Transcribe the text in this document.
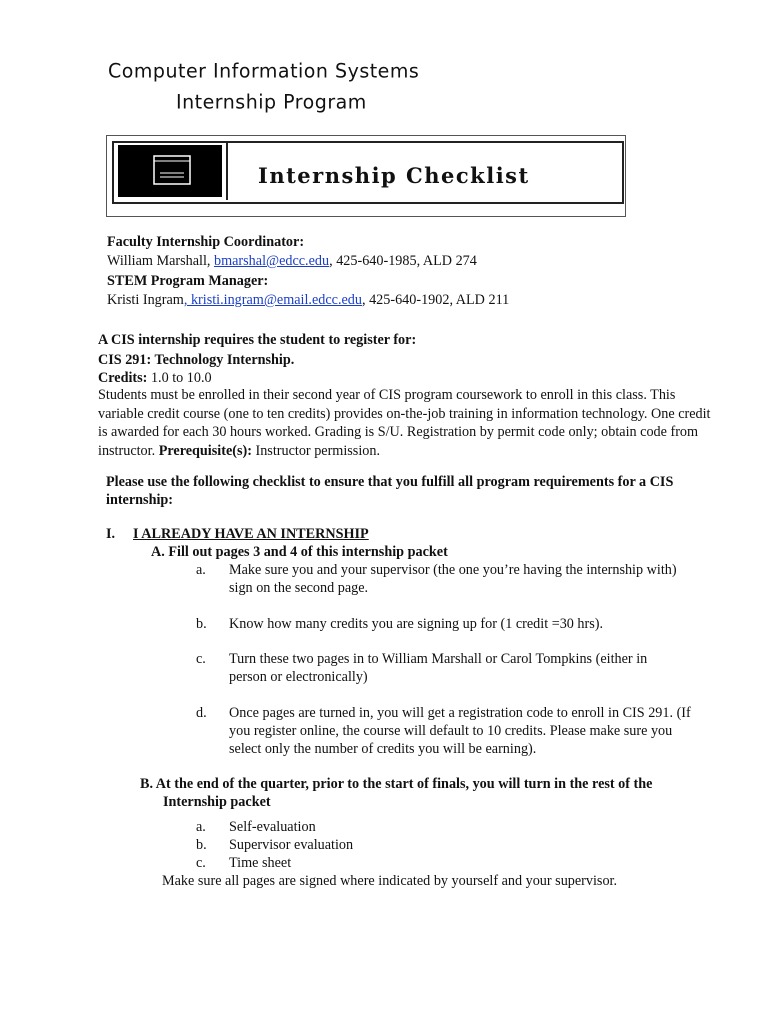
Computer Information Systems
Internship Program
Internship Checklist
Faculty Internship Coordinator:
William Marshall, bmarshal@edcc.edu, 425-640-1985, ALD 274
STEM Program Manager:
Kristi Ingram, kristi.ingram@email.edcc.edu, 425-640-1902, ALD 211
A CIS internship requires the student to register for:
CIS 291: Technology Internship.
Credits: 1.0 to 10.0
Students must be enrolled in their second year of CIS program coursework to enroll in this class. This variable credit course (one to ten credits) provides on-the-job training in information technology. One credit is awarded for each 30 hours worked. Grading is S/U. Registration by permit code only; obtain code from instructor. Prerequisite(s): Instructor permission.
Please use the following checklist to ensure that you fulfill all program requirements for a CIS
internship:
I. I ALREADY HAVE AN INTERNSHIP
A. Fill out pages 3 and 4 of this internship packet
a. Make sure you and your supervisor (the one you’re having the internship with)
sign on the second page.
b. Know how many credits you are signing up for (1 credit =30 hrs).
c. Turn these two pages in to William Marshall or Carol Tompkins (either in
person or electronically)
d. Once pages are turned in, you will get a registration code to enroll in CIS 291. (If
you register online, the course will default to 10 credits. Please make sure you
select only the number of credits you will be earning).
B. At the end of the quarter, prior to the start of finals, you will turn in the rest of the
Internship packet
a. Self-evaluation
b. Supervisor evaluation
c. Time sheet
Make sure all pages are signed where indicated by yourself and your supervisor.
